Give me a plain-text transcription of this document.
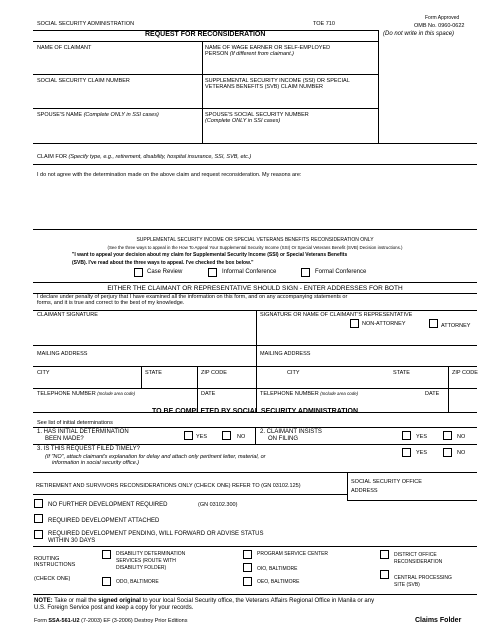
SOCIAL SECURITY ADMINISTRATION	TOE 710
Form Approved
OMB No. 0960-0622
REQUEST FOR RECONSIDERATION	(Do not write in this space)
NAME OF CLAIMANT	NAME OF WAGE EARNER OR SELF-EMPLOYED
PERSON (If different from claimant.)
SOCIAL SECURITY CLAIM NUMBER	SUPPLEMENTAL SECURITY INCOME (SSI) OR SPECIAL
VETERANS BENEFITS (SVB) CLAIM NUMBER
SPOUSE'S NAME (Complete ONLY in SSI cases)	SPOUSE'S SOCIAL SECURITY NUMBER
(Complete ONLY in SSI cases)
CLAIM FOR (Specify type, e.g., retirement, disability, hospital insurance, SSI, SVB, etc.)
I do not agree with the determination made on the above claim and request reconsideration. My reasons are:
SUPPLEMENTAL SECURITY INCOME OR SPECIAL VETERANS BENEFITS RECONSIDERATION ONLY
(See the three ways to appeal in the How To Appeal Your Supplemental Security Income (SSI) Or Special Veterans Benefit (SVB) Decision instructions.)
"I want to appeal your decision about my claim for Supplemental Security Income (SSI) or Special Veterans Benefits
(SVB). I've read about the three ways to appeal. I've checked the box below."
Case Review	Informal Conference	Formal Conference
EITHER THE CLAIMANT OR REPRESENTATIVE SHOULD SIGN - ENTER ADDRESSES FOR BOTH
I declare under penalty of perjury that I have examined all the information on this form, and on any accompanying statements or
forms, and it is true and correct to the best of my knowledge.
CLAIMANT SIGNATURE	SIGNATURE OR NAME OF CLAIMANT'S REPRESENTATIVE
NON-ATTORNEY	ATTORNEY
MAILING ADDRESS	MAILING ADDRESS
CITY	STATE	ZIP CODE	CITY	STATE	ZIP CODE
TELEPHONE NUMBER (Include area code)	DATE	TELEPHONE NUMBER (Include area code)	DATE
TO BE COMPLETED BY SOCIAL SECURITY ADMINISTRATION
See list of initial determinations
1. HAS INITIAL DETERMINATION
BEEN MADE?	YES	NO
2. CLAIMANT INSISTS
ON FILING	YES	NO
3. IS THIS REQUEST FILED TIMELY?
YES	NO
(If "NO", attach claimant's explanation for delay and attach only pertinent letter, material, or
information in social security office.)
RETIREMENT AND SURVIVORS RECONSIDERATIONS ONLY (CHECK ONE) REFER TO (GN 03102.125)
SOCIAL SECURITY OFFICE
ADDRESS
NO FURTHER DEVELOPMENT REQUIRED	(GN 03102.300)
REQUIRED DEVELOPMENT ATTACHED
REQUIRED DEVELOPMENT PENDING, WILL FORWARD OR ADVISE STATUS
WITHIN 30 DAYS
ROUTING
INSTRUCTIONS
(CHECK ONE)
DISABILITY DETERMINATION
SERVICES (ROUTE WITH
DISABILITY FOLDER)
ODO, BALTIMORE
PROGRAM SERVICE CENTER
OIO, BALTIMORE
OEO, BALTIMORE
DISTRICT OFFICE
RECONSIDERATION
CENTRAL PROCESSING
SITE (SVB)
NOTE: Take or mail the signed original to your local Social Security office, the Veterans Affairs Regional Office in Manila or any
U.S. Foreign Service post and keep a copy for your records.
Form SSA-561-U2 (7-2003) EF (3-2006) Destroy Prior Editions	Claims Folder
